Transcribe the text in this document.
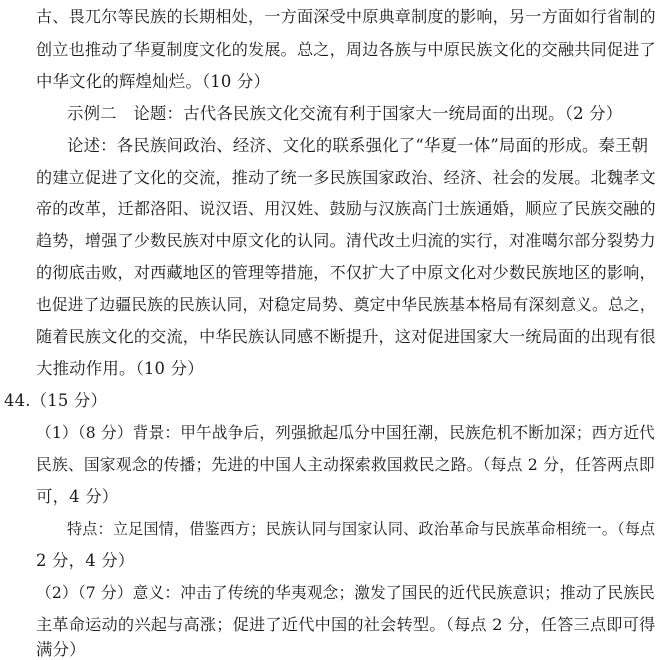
古、畏兀尔等民族的长期相处，一方面深受中原典章制度的影响，另一方面如行省制的
创立也推动了华夏制度文化的发展。总之，周边各族与中原民族文化的交融共同促进了
中华文化的辉煌灿烂。（10 分）
示例二　论题：古代各民族文化交流有利于国家大一统局面的出现。（2 分）
论述：各民族间政治、经济、文化的联系强化了“华夏一体”局面的形成。秦王朝
的建立促进了文化的交流，推动了统一多民族国家政治、经济、社会的发展。北魏孝文
帝的改革，迁都洛阳、说汉语、用汉姓、鼓励与汉族高门士族通婚，顺应了民族交融的
趋势，增强了少数民族对中原文化的认同。清代改土归流的实行，对准噶尔部分裂势力
的彻底击败，对西藏地区的管理等措施，不仅扩大了中原文化对少数民族地区的影响，
也促进了边疆民族的民族认同，对稳定局势、奠定中华民族基本格局有深刻意义。总之，
随着民族文化的交流，中华民族认同感不断提升，这对促进国家大一统局面的出现有很
大推动作用。（10 分）
44.（15 分）
（1）（8 分）背景：甲午战争后，列强掀起瓜分中国狂潮，民族危机不断加深；西方近代
民族、国家观念的传播；先进的中国人主动探索救国救民之路。（每点 2 分，任答两点即
可，4 分）
特点：立足国情，借鉴西方；民族认同与国家认同、政治革命与民族革命相统一。（每点
2 分，4 分）
（2）（7 分）意义：冲击了传统的华夷观念；激发了国民的近代民族意识；推动了民族民
主革命运动的兴起与高涨；促进了近代中国的社会转型。（每点 2 分，任答三点即可得
满分）
